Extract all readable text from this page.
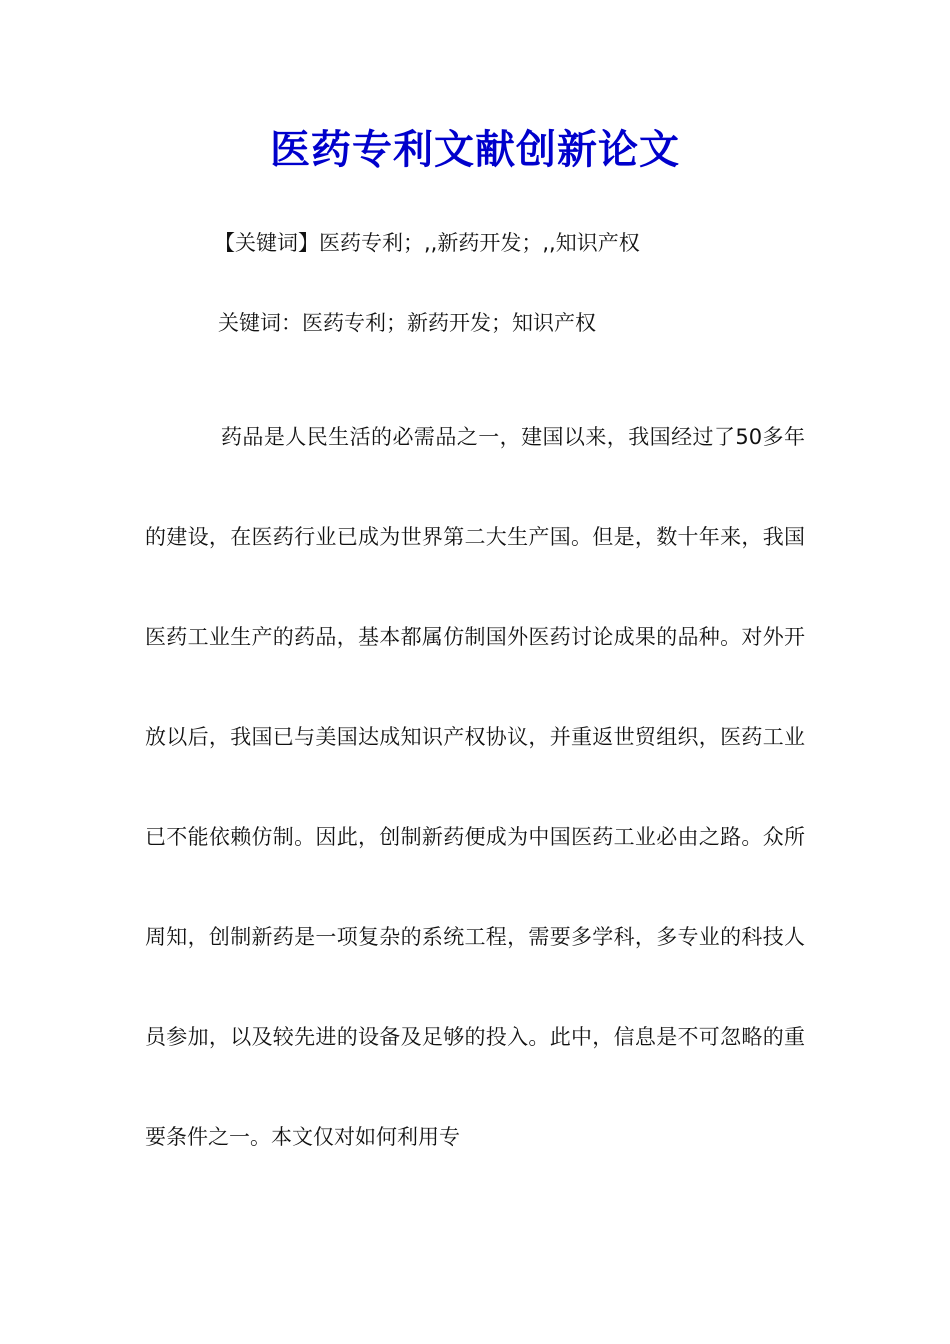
医药专利文献创新论文
【关键词】医药专利；,,新药开发；,,知识产权
关键词：医药专利；新药开发；知识产权

药品是人民生活的必需品之一，建国以来，我国经过了50多年的建设，在医药行业已成为世界第二大生产国。但是，数十年来，我国医药工业生产的药品，基本都属仿制国外医药讨论成果的品种。对外开放以后，我国已与美国达成知识产权协议，并重返世贸组织，医药工业已不能依赖仿制。因此，创制新药便成为中国医药工业必由之路。众所周知，创制新药是一项复杂的系统工程，需要多学科，多专业的科技人员参加，以及较先进的设备及足够的投入。此中，信息是不可忽略的重要条件之一。本文仅对如何利用专
